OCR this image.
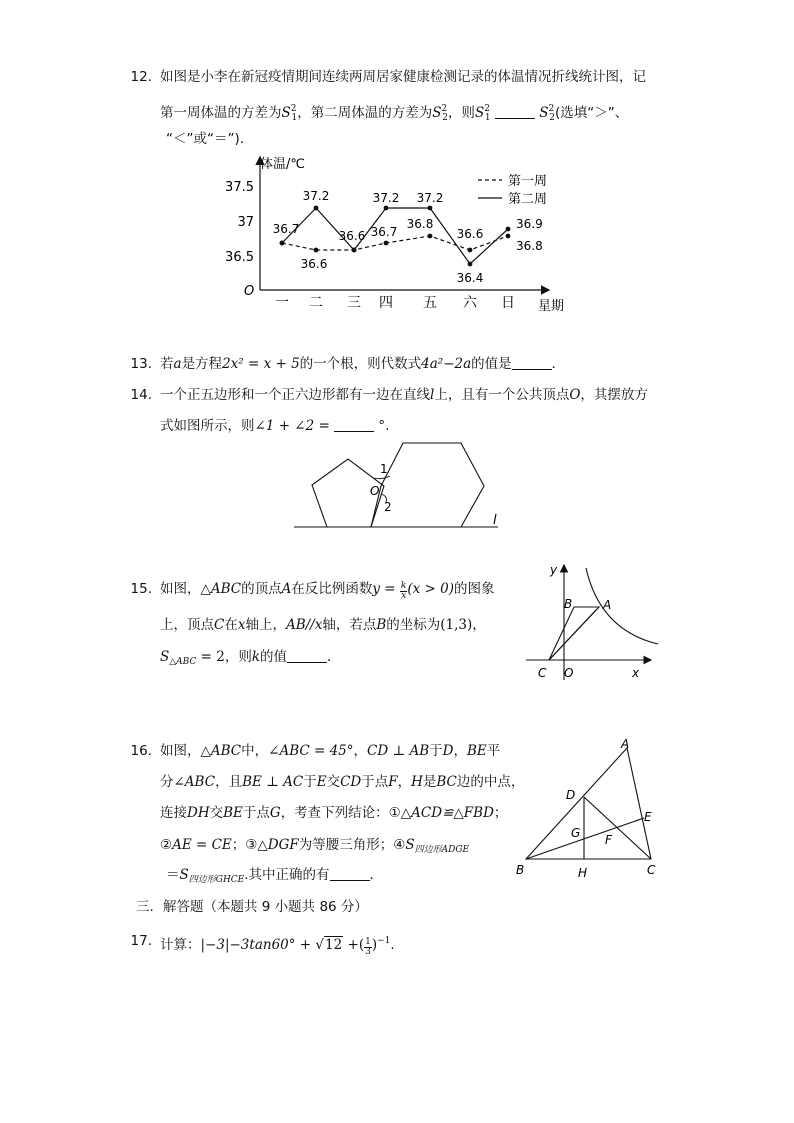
12. 如图是小李在新冠疫情期间连续两周居家健康检测记录的体温情况折线统计图，记
第一周体温的方差为$S^2_1$，第二周体温的方差为$S^2_2$，则$S^2_1$	$S^2_2$(选填“＞”、
“＜”或“＝”)．
体温/℃
星期
O
37.5
37
36.5
一 二 三 四 五 六 日
36.7
37.2
36.6
36.6
37.2
36.7
37.2
36.8
36.6
36.4
36.9
36.8
第一周
第二周
13. 若a是方程2x² = x + 5的一个根，则代数式4a²−2a的值是	．
14. 一个正五边形和一个正六边形都有一边在直线l上，且有一个公共顶点O，其摆放方
式如图所示，则∠1 + ∠2 =	°.
1
O
2
l
15. 如图，△ABC的顶点A在反比例函数$y = \frac{k}{x} (x > 0)$的图象
上，顶点C在x轴上，AB//x轴，若点B的坐标为(1,3)，
$S_{\triangle ABC} = 2$，则k的值	．
y
x
O
C
B	A
16. 如图，△ABC中，∠ABC = 45°，CD ⊥ AB于D，BE平
分∠ABC，且BE ⊥ AC于E交CD于点F，H是BC边的中点，
连接DH交BE于点G，考查下列结论：①△ACD≌△FBD；
②AE = CE；③△DGF为等腰三角形；$④S_{四边形ADGE}$
$=S_{四边形GHCE}$.其中正确的有	．
A
B	C
D
E
F
G
H
三．解答题（本题共 9 小题共 86 分）
17. 计算：|−3|−3tan60° + √12 +( $\frac{1}{3} )^{-1}$.
